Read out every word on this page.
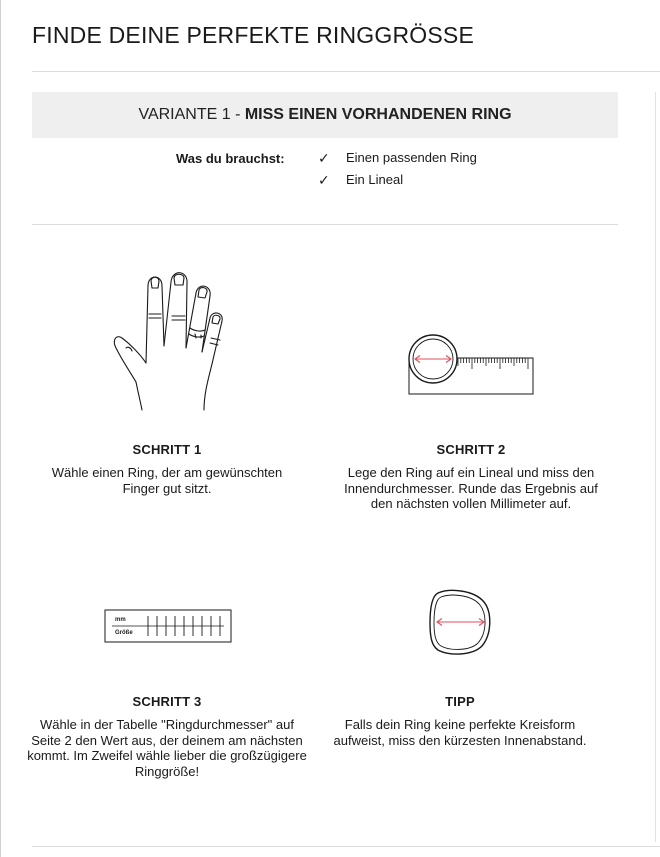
FINDE DEINE PERFEKTE RINGGRÖSSE
VARIANTE 1 - MISS EINEN VORHANDENEN RING
Was du brauchst: ✓	Einen passenden Ring
✓	Ein Lineal

SCHRITT 1

Wähle einen Ring, der am gewünschten Finger gut sitzt.

SCHRITT 2

Lege den Ring auf ein Lineal und miss den Innendurchmesser. Runde das Ergebnis auf den nächsten vollen Millimeter auf.

mm
Größe

SCHRITT 3

Wähle in der Tabelle "Ringdurchmesser" auf Seite 2 den Wert aus, der deinem am nächsten kommt. Im Zweifel wähle lieber die großzügigere Ringgröße!

TIPP

Falls dein Ring keine perfekte Kreisform aufweist, miss den kürzesten Innenabstand.
